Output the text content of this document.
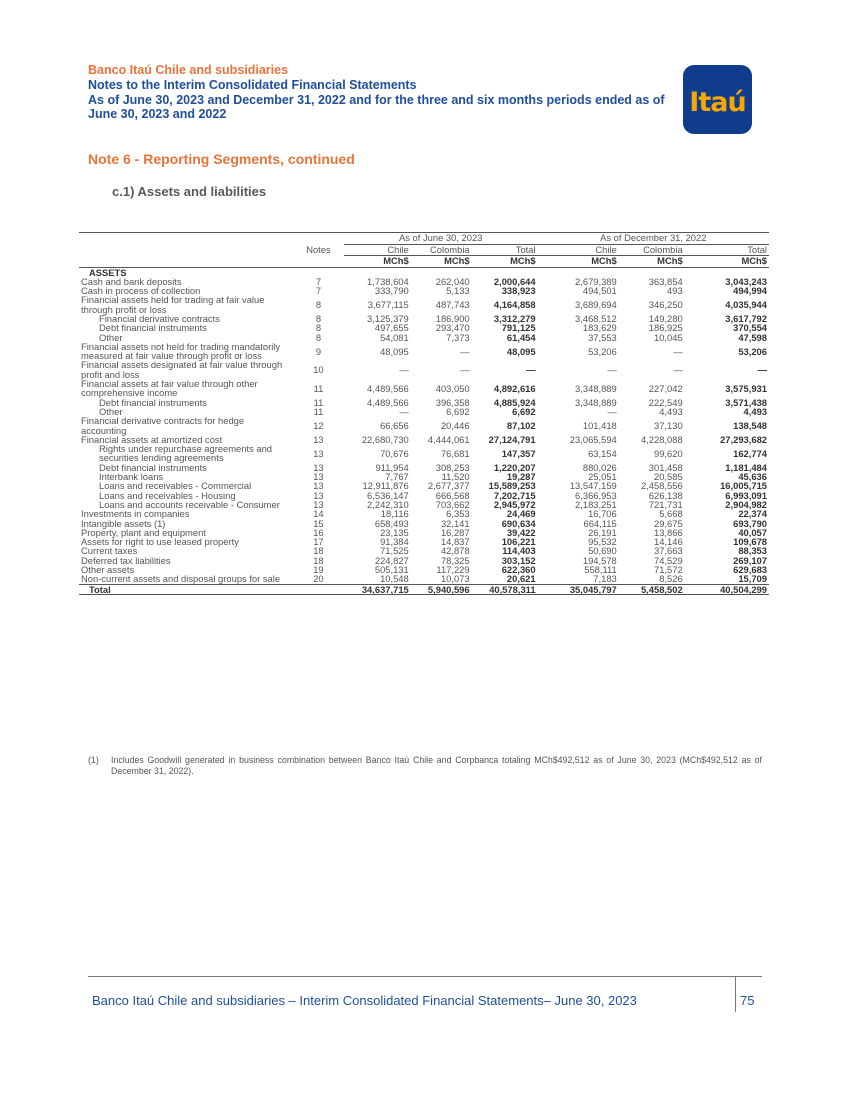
Banco Itaú Chile and subsidiaries
Notes to the Interim Consolidated Financial Statements
As of June 30, 2023 and December 31, 2022 and for the three and six months periods ended as of
June 30, 2023 and 2022	Itaú
Note 6 - Reporting Segments, continued
c.1) Assets and liabilities
		As of June 30, 2023			As of December 31, 2022		
	Notes	Chile	Colombia	Total	Chile	Colombia	Total
		MCh$	MCh$	MCh$	MCh$	MCh$	MCh$
ASSETS							
Cash and bank deposits	7	1,738,604	262,040	2,000,644	2,679,389	363,854	3,043,243
Cash in process of collection	7	333,790	5,133	338,923	494,501	493	494,994
Financial assets held for trading at fair value through profit or loss	8	3,677,115	487,743	4,164,858	3,689,694	346,250	4,035,944
Financial derivative contracts	8	3,125,379	186,900	3,312,279	3,468,512	149,280	3,617,792
Debt financial instruments	8	497,655	293,470	791,125	183,629	186,925	370,554
Other	8	54,081	7,373	61,454	37,553	10,045	47,598
Financial assets not held for trading mandatorily measured at fair value through profit or loss	9	48,095	—	48,095	53,206	—	53,206
Financial assets designated at fair value through profit and loss	10	—	—	—	—	—	—
Financial assets at fair value through other comprehensive income	11	4,489,566	403,050	4,892,616	3,348,889	227,042	3,575,931
Debt financial instruments	11	4,489,566	396,358	4,885,924	3,348,889	222,549	3,571,438
Other	11	—	6,692	6,692	—	4,493	4,493
Financial derivative contracts for hedge accounting	12	66,656	20,446	87,102	101,418	37,130	138,548
Financial assets at amortized cost	13	22,680,730	4,444,061	27,124,791	23,065,594	4,228,088	27,293,682
Rights under repurchase agreements and securities lending agreements	13	70,676	76,681	147,357	63,154	99,620	162,774
Debt financial instruments	13	911,954	308,253	1,220,207	880,026	301,458	1,181,484
Interbank loans	13	7,767	11,520	19,287	25,051	20,585	45,636
Loans and receivables - Commercial	13	12,911,876	2,677,377	15,589,253	13,547,159	2,458,556	16,005,715
Loans and receivables - Housing	13	6,536,147	666,568	7,202,715	6,366,953	626,138	6,993,091
Loans and accounts receivable - Consumer	13	2,242,310	703,662	2,945,972	2,183,251	721,731	2,904,982
Investments in companies	14	18,116	6,353	24,469	16,706	5,668	22,374
Intangible assets (1)	15	658,493	32,141	690,634	664,115	29,675	693,790
Property, plant and equipment	16	23,135	16,287	39,422	26,191	13,866	40,057
Assets for right to use leased property	17	91,384	14,837	106,221	95,532	14,146	109,678
Current taxes	18	71,525	42,878	114,403	50,690	37,663	88,353
Deferred tax liabilities	18	224,827	78,325	303,152	194,578	74,529	269,107
Other assets	19	505,131	117,229	622,360	558,111	71,572	629,683
Non-current assets and disposal groups for sale	20	10,548	10,073	20,621	7,183	8,526	15,709
Total		34,637,715	5,940,596	40,578,311	35,045,797	5,458,502	40,504,299
(1)	Includes Goodwill generated in business combination between Banco Itaú Chile and Corpbanca totaling MCh$492,512 as of June 30, 2023 (MCh$492,512 as of December 31, 2022).
Banco Itaú Chile and subsidiaries – Interim Consolidated Financial Statements– June 30, 2023	75
